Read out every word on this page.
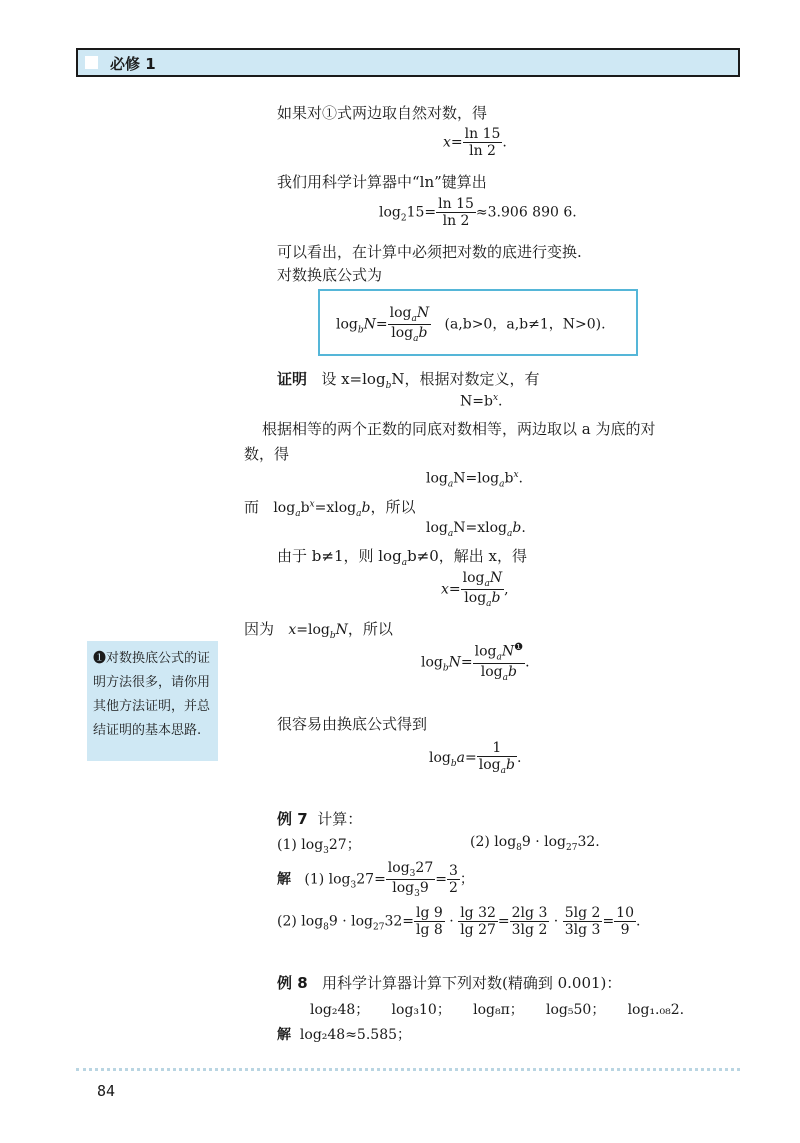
必修 1
如果对①式两边取自然对数，得
$x= \frac{\ln 15}{\ln 2}$ .
我们用科学计算器中“ln”键算出
$\log_215= \frac{\ln 15}{\ln 2} \approx 3.906$ 890 6.
可以看出，在计算中必须把对数的底进行变换.
对数换底公式为
$\log_bN= \frac{\log_aN}{\log_ab} (a,b>0$，a,b≠1，N>0).
证明 设 $x=\log_bN$，根据对数定义，有
$N=b^x$.
根据相等的两个正数的同底对数相等，两边取以 a 为底的对
数，得
$\log_aN=\log_ab^x$.
而 $\log_ab^x=xlog_ab$，所以
$\log_aN=xlog_ab$.
由于 b≠1，则 $\log_ab\ne 0$，解出 x，得
$x= \frac{\log_aN}{\log_ab}$ ,
因为 $x=\log_bN$，所以
$\log_bN= \frac{\log_aN^❶}{\log_ab}$ .
❶对数换底公式的证明方法很多，请你用其他方法证明，并总结证明的基本思路.	很容易由换底公式得到
$\log_ba= \frac{1}{\log_ab}$ .
例 7 计算：
(1) $\log_327$；	(2) $\log_89 \cdot \log_{27}32$.
解 (1) $\log_327= \frac{\log_327}{\log_39} = \frac{3}{2}$ ；
(2) $\log_89 \cdot \log_{27}32= \frac{\lg 9}{\lg 8} \cdot \frac{\lg 32}{\lg 27} = \frac{2\lg 3}{3\lg 2} \cdot \frac{5\lg 2}{3\lg 3} = \frac{10}{9}$ .
例 8 用科学计算器计算下列对数(精确到 0.001)：
log₂48；     log₃10；     log₈π；     log₅50；     log₁.₀₈2.
解 log₂48≈5.585；
84
